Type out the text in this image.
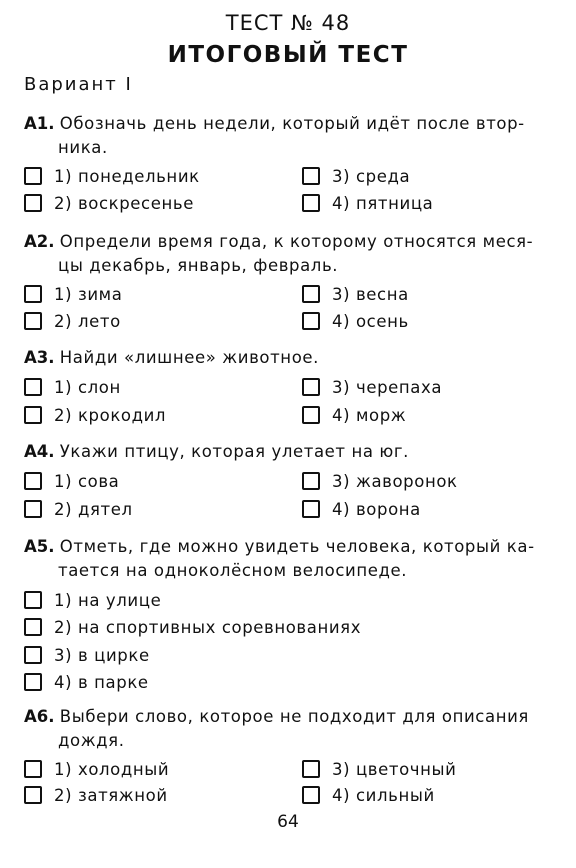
ТЕСТ № 48
ИТОГОВЫЙ ТЕСТ
Вариант I
А1. Обозначь день недели, который идёт после втор-
ника.
1) понедельник
2) воскресенье
3) среда
4) пятница
А2. Определи время года, к которому относятся меся-
цы декабрь, январь, февраль.
1) зима
2) лето
3) весна
4) осень
А3. Найди «лишнее» животное.
1) слон
2) крокодил
3) черепаха
4) морж
А4. Укажи птицу, которая улетает на юг.
1) сова
2) дятел
3) жаворонок
4) ворона
А5. Отметь, где можно увидеть человека, который ка-
тается на одноколёсном велосипеде.
1) на улице
2) на спортивных соревнованиях
3) в цирке
4) в парке
А6. Выбери слово, которое не подходит для описания
дождя.
1) холодный
2) затяжной
3) цветочный
4) сильный
64
